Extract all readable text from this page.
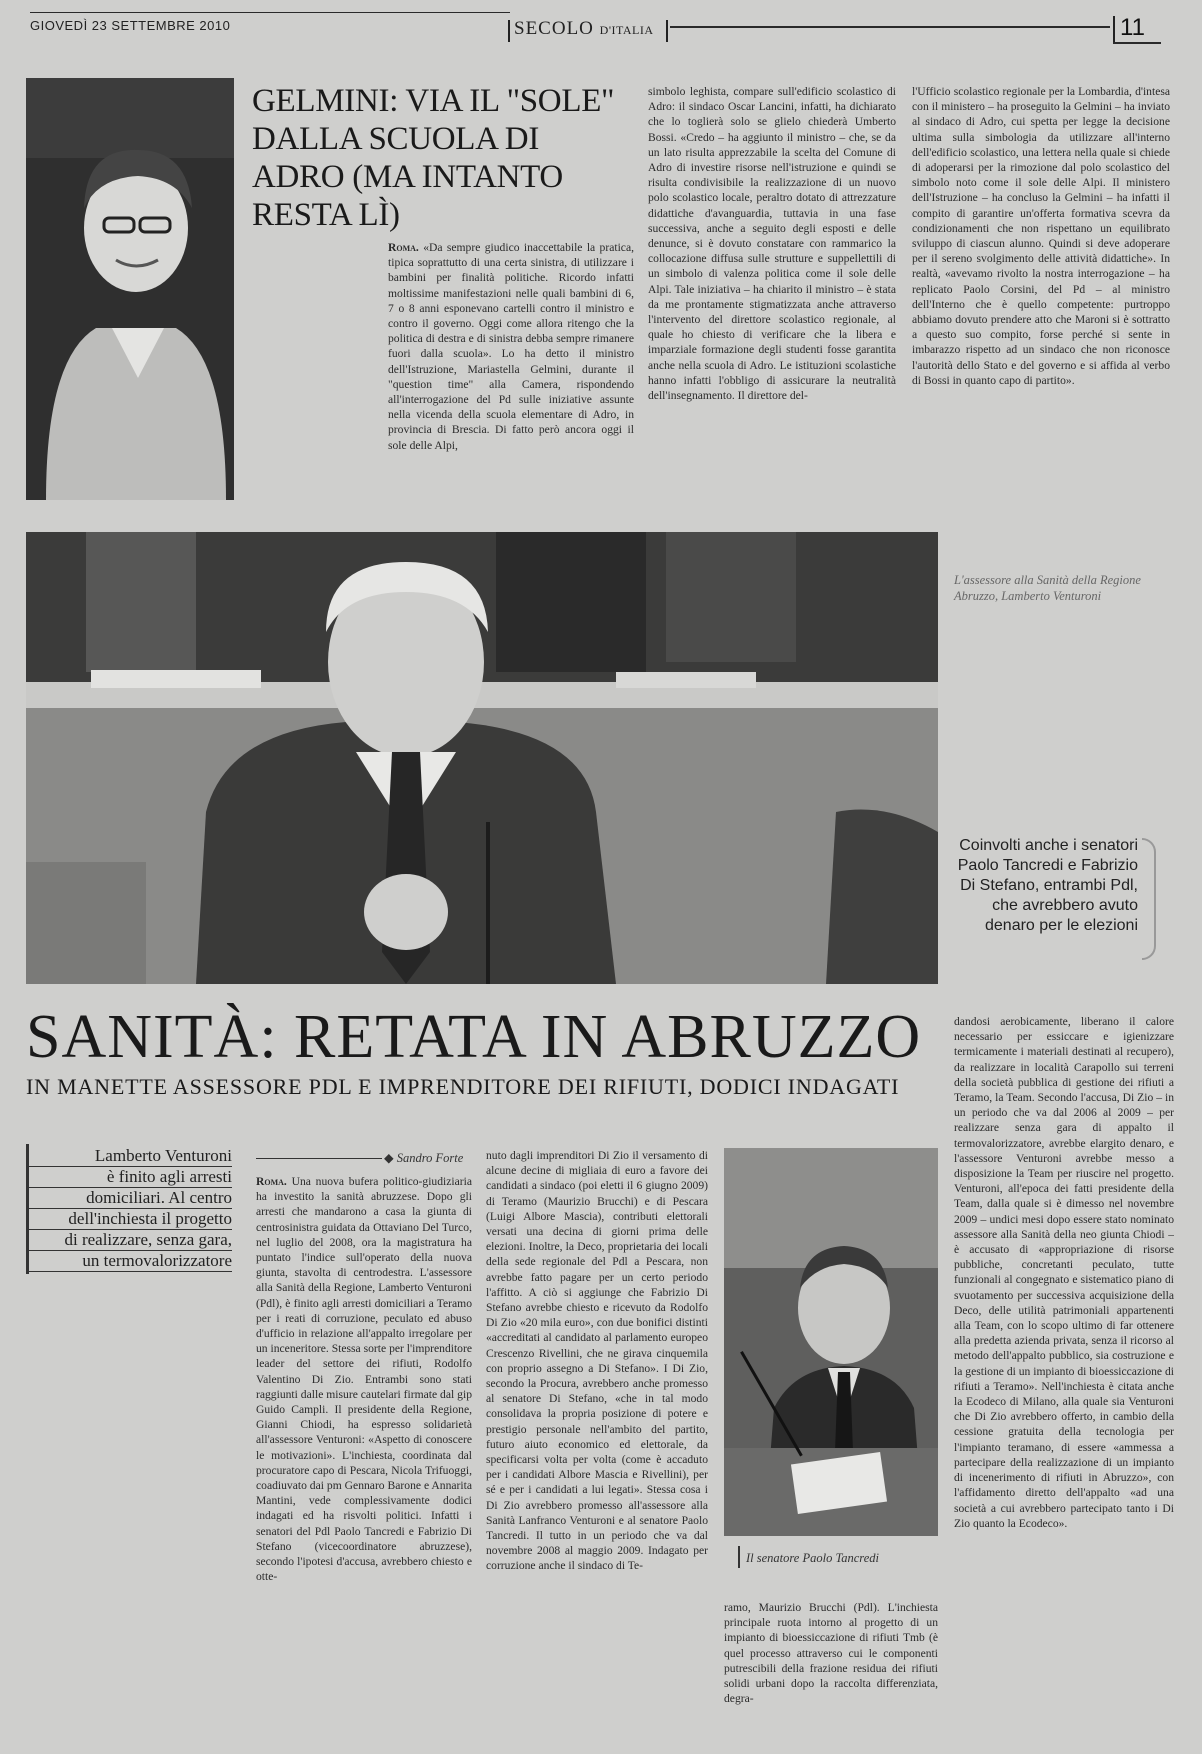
GIOVEDÌ 23 SETTEMBRE 2010	SECOLO D'ITALIA	11
GELMINI: VIA IL "SOLE" DALLA SCUOLA DI ADRO (MA INTANTO RESTA LÌ)

Roma. «Da sempre giudico inaccettabile la pratica, tipica soprattutto di una certa sinistra, di utilizzare i bambini per finalità politiche. Ricordo infatti moltissime manifestazioni nelle quali bambini di 6, 7 o 8 anni esponevano cartelli contro il ministro e contro il governo. Oggi come allora ritengo che la politica di destra e di sinistra debba sempre rimanere fuori dalla scuola». Lo ha detto il ministro dell'Istruzione, Mariastella Gelmini, durante il "question time" alla Camera, rispondendo all'interrogazione del Pd sulle iniziative assunte nella vicenda della scuola elementare di Adro, in provincia di Brescia. Di fatto però ancora oggi il sole delle Alpi,

simbolo leghista, compare sull'edificio scolastico di Adro: il sindaco Oscar Lancini, infatti, ha dichiarato che lo toglierà solo se glielo chiederà Umberto Bossi. «Credo – ha aggiunto il ministro – che, se da un lato risulta apprezzabile la scelta del Comune di Adro di investire risorse nell'istruzione e quindi se risulta condivisibile la realizzazione di un nuovo polo scolastico locale, peraltro dotato di attrezzature didattiche d'avanguardia, tuttavia in una fase successiva, anche a seguito degli esposti e delle denunce, si è dovuto constatare con rammarico la collocazione diffusa sulle strutture e suppellettili di un simbolo di valenza politica come il sole delle Alpi. Tale iniziativa – ha chiarito il ministro – è stata da me prontamente stigmatizzata anche attraverso l'intervento del direttore scolastico regionale, al quale ho chiesto di verificare che la libera e imparziale formazione degli studenti fosse garantita anche nella scuola di Adro. Le istituzioni scolastiche hanno infatti l'obbligo di assicurare la neutralità dell'insegnamento. Il direttore del-

l'Ufficio scolastico regionale per la Lombardia, d'intesa con il ministero – ha proseguito la Gelmini – ha inviato al sindaco di Adro, cui spetta per legge la decisione ultima sulla simbologia da utilizzare all'interno dell'edificio scolastico, una lettera nella quale si chiede di adoperarsi per la rimozione dal polo scolastico del simbolo noto come il sole delle Alpi. Il ministero dell'Istruzione – ha concluso la Gelmini – ha infatti il compito di garantire un'offerta formativa scevra da condizionamenti che non rispettano un equilibrato sviluppo di ciascun alunno. Quindi si deve adoperare per il sereno svolgimento delle attività didattiche». In realtà, «avevamo rivolto la nostra interrogazione – ha replicato Paolo Corsini, del Pd – al ministro dell'Interno che è quello competente: purtroppo abbiamo dovuto prendere atto che Maroni si è sottratto a questo suo compito, forse perché si sente in imbarazzo rispetto ad un sindaco che non riconosce l'autorità dello Stato e del governo e si affida al verbo di Bossi in quanto capo di partito».

L'assessore alla Sanità della Regione Abruzzo, Lamberto Venturoni
Coinvolti anche i senatori Paolo Tancredi e Fabrizio Di Stefano, entrambi Pdl, che avrebbero avuto denaro per le elezioni
SANITÀ: RETATA IN ABRUZZO
IN MANETTE ASSESSORE PDL E IMPRENDITORE DEI RIFIUTI, DODICI INDAGATI
Lamberto Venturoni
è finito agli arresti
domiciliari. Al centro
dell'inchiesta il progetto
di realizzare, senza gara,
un termovalorizzatore
◆ Sandro Forte

Roma. Una nuova bufera politico-giudiziaria ha investito la sanità abruzzese. Dopo gli arresti che mandarono a casa la giunta di centrosinistra guidata da Ottaviano Del Turco, nel luglio del 2008, ora la magistratura ha puntato l'indice sull'operato della nuova giunta, stavolta di centrodestra. L'assessore alla Sanità della Regione, Lamberto Venturoni (Pdl), è finito agli arresti domiciliari a Teramo per i reati di corruzione, peculato ed abuso d'ufficio in relazione all'appalto irregolare per un inceneritore. Stessa sorte per l'imprenditore leader del settore dei rifiuti, Rodolfo Valentino Di Zio. Entrambi sono stati raggiunti dalle misure cautelari firmate dal gip Guido Campli. Il presidente della Regione, Gianni Chiodi, ha espresso solidarietà all'assessore Venturoni: «Aspetto di conoscere le motivazioni». L'inchiesta, coordinata dal procuratore capo di Pescara, Nicola Trifuoggi, coadiuvato dai pm Gennaro Barone e Annarita Mantini, vede complessivamente dodici indagati ed ha risvolti politici. Infatti i senatori del Pdl Paolo Tancredi e Fabrizio Di Stefano (vicecoordinatore abruzzese), secondo l'ipotesi d'accusa, avrebbero chiesto e otte-

nuto dagli imprenditori Di Zio il versamento di alcune decine di migliaia di euro a favore dei candidati a sindaco (poi eletti il 6 giugno 2009) di Teramo (Maurizio Brucchi) e di Pescara (Luigi Albore Mascia), contributi elettorali versati una decina di giorni prima delle elezioni. Inoltre, la Deco, proprietaria dei locali della sede regionale del Pdl a Pescara, non avrebbe fatto pagare per un certo periodo l'affitto. A ciò si aggiunge che Fabrizio Di Stefano avrebbe chiesto e ricevuto da Rodolfo Di Zio «20 mila euro», con due bonifici distinti «accreditati al candidato al parlamento europeo Crescenzo Rivellini, che ne girava cinquemila con proprio assegno a Di Stefano». I Di Zio, secondo la Procura, avrebbero anche promesso al senatore Di Stefano, «che in tal modo consolidava la propria posizione di potere e prestigio personale nell'ambito del partito, futuro aiuto economico ed elettorale, da specificarsi volta per volta (come è accaduto per i candidati Albore Mascia e Rivellini), per sé e per i candidati a lui legati». Stessa cosa i Di Zio avrebbero promesso all'assessore alla Sanità Lanfranco Venturoni e al senatore Paolo Tancredi. Il tutto in un periodo che va dal novembre 2008 al maggio 2009. Indagato per corruzione anche il sindaco di Te-

Il senatore Paolo Tancredi

ramo, Maurizio Brucchi (Pdl). L'inchiesta principale ruota intorno al progetto di un impianto di bioessiccazione di rifiuti Tmb (è quel processo attraverso cui le componenti putrescibili della frazione residua dei rifiuti solidi urbani dopo la raccolta differenziata, degra-

dandosi aerobicamente, liberano il calore necessario per essiccare e igienizzare termicamente i materiali destinati al recupero), da realizzare in località Carapollo sui terreni della società pubblica di gestione dei rifiuti a Teramo, la Team. Secondo l'accusa, Di Zio – in un periodo che va dal 2006 al 2009 – per realizzare senza gara di appalto il termovalorizzatore, avrebbe elargito denaro, e l'assessore Venturoni avrebbe messo a disposizione la Team per riuscire nel progetto. Venturoni, all'epoca dei fatti presidente della Team, dalla quale si è dimesso nel novembre 2009 – undici mesi dopo essere stato nominato assessore alla Sanità della neo giunta Chiodi – è accusato di «appropriazione di risorse pubbliche, concretanti peculato, tutte funzionali al congegnato e sistematico piano di svuotamento per successiva acquisizione della Deco, delle utilità patrimoniali appartenenti alla Team, con lo scopo ultimo di far ottenere alla predetta azienda privata, senza il ricorso al metodo dell'appalto pubblico, sia costruzione e la gestione di un impianto di bioessiccazione di rifiuti a Teramo». Nell'inchiesta è citata anche la Ecodeco di Milano, alla quale sia Venturoni che Di Zio avrebbero offerto, in cambio della cessione gratuita della tecnologia per l'impianto teramano, di essere «ammessa a partecipare della realizzazione di un impianto di incenerimento di rifiuti in Abruzzo», con l'affidamento diretto dell'appalto «ad una società a cui avrebbero partecipato tanto i Di Zio quanto la Ecodeco».
